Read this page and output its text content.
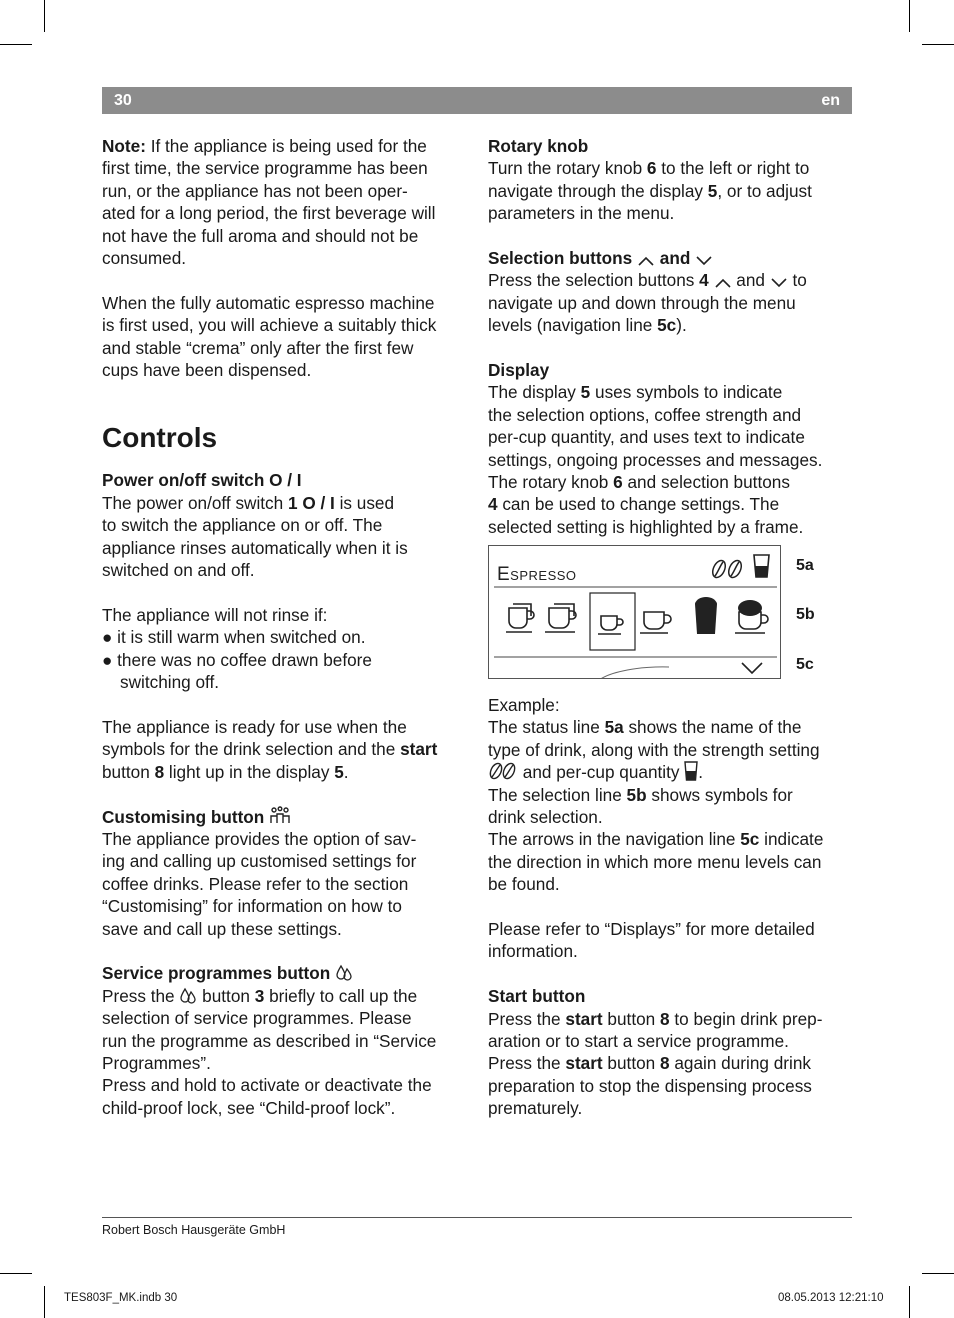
30	en

Note: If the appliance is being used for the

first time, the service programme has been

run, or the appliance has not been oper-

ated for a long period, the first beverage will

not have the full aroma and should not be

consumed.

When the fully automatic espresso machine

is first used, you will achieve a suitably thick

and stable “crema” only after the first few

cups have been dispensed.

Controls

Power on/off switch O / I

The power on/off switch 1 O / I is used

to switch the appliance on or off. The

appliance rinses automatically when it is

switched on and off.

The appliance will not rinse if:

● it is still warm when switched on.

● there was no coffee drawn before switching off.

The appliance is ready for use when the

symbols for the drink selection and the start

button 8 light up in the display 5.

Customising button

The appliance provides the option of sav-

ing and calling up customised settings for

coffee drinks. Please refer to the section

“Customising” for information on how to

save and call up these settings.

Service programmes button

Press the  button 3 briefly to call up the

selection of service programmes. Please

run the programme as described in “Service

Programmes”.

Press and hold to activate or deactivate the

child-proof lock, see “Child-proof lock”.

Rotary knob

Turn the rotary knob 6 to the left or right to

navigate through the display 5, or to adjust

parameters in the menu.

Selection buttons and

Press the selection buttons 4  and  to

navigate up and down through the menu

levels (navigation line 5c).

Display

The display 5 uses symbols to indicate

the selection options, coffee strength and

per-cup quantity, and uses text to indicate

settings, ongoing processes and messages.

The rotary knob 6 and selection buttons

4 can be used to change settings. The

selected setting is highlighted by a frame.

Espresso	5a
5b
5c

Example:

The status line 5a shows the name of the

type of drink, along with the strength setting

and per-cup quantity .

The selection line 5b shows symbols for

drink selection.

The arrows in the navigation line 5c indicate

the direction in which more menu levels can

be found.

Please refer to “Displays” for more detailed

information.

Start button

Press the start button 8 to begin drink prep-

aration or to start a service programme.

Press the start button 8 again during drink

preparation to stop the dispensing process

prematurely.

Robert Bosch Hausgeräte GmbH
TES803F_MK.indb 30	08.05.2013 12:21:10
